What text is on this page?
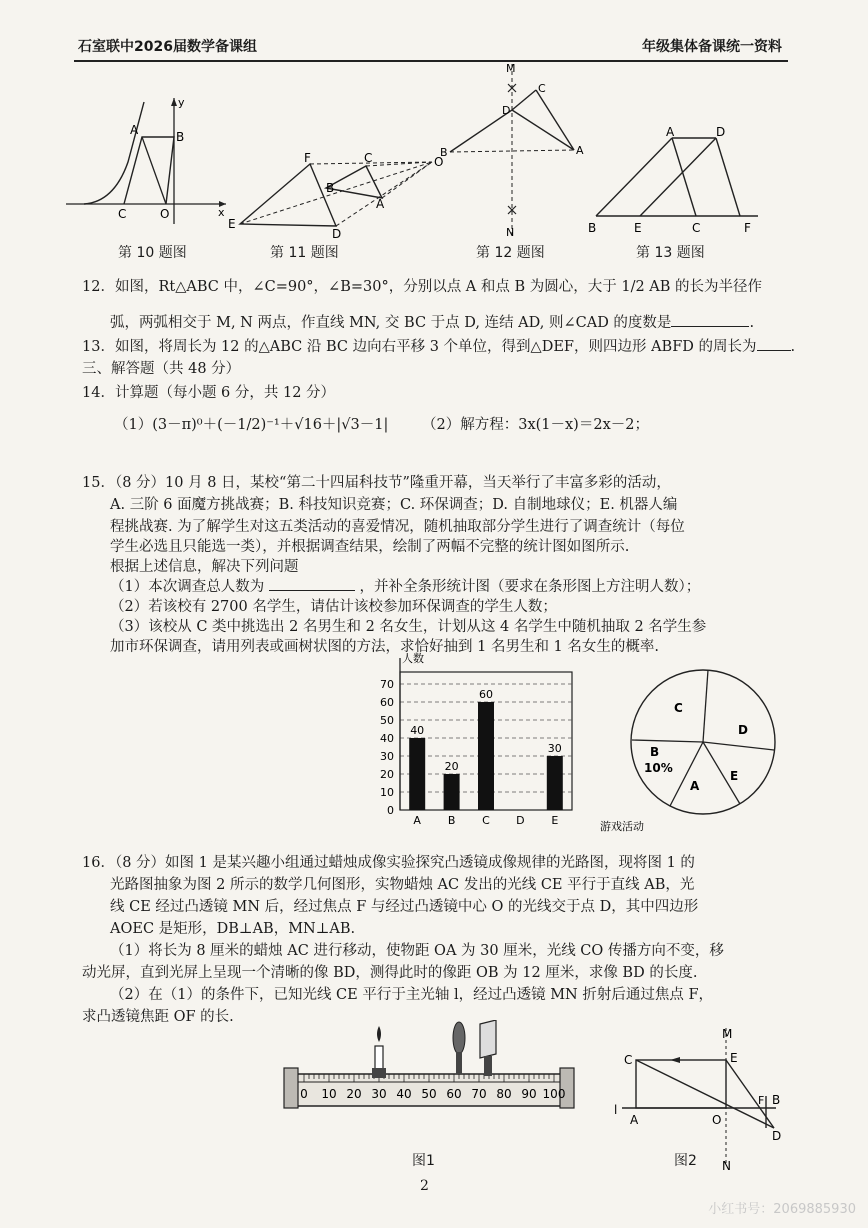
石室联中2026届数学备课组	年级集体备课统一资料
A	B
C	O
y
x
第 10 题图
F	C
B
A
E
D
O
第 11 题图
M
N
D
C
B	A
第 12 题图
A	D
B	E	C	F
第 13 题图
12．如图，Rt△ABC 中，∠C=90°，∠B=30°，分别以点 A 和点 B 为圆心，大于 1/2 AB 的长为半径作
弧，两弧相交于 M, N 两点，作直线 MN, 交 BC 于点 D, 连结 AD, 则∠CAD 的度数是	.
13．如图，将周长为 12 的△ABC 沿 BC 边向右平移 3 个单位，得到△DEF，则四边形 ABFD 的周长为 .
三、解答题（共 48 分）
14．计算题（每小题 6 分，共 12 分）
（1）(3－π)⁰＋(－1/2)⁻¹＋√16＋|√3－1|	（2）解方程：3x(1－x)＝2x－2；
15．（8 分）10 月 8 日，某校“第二十四届科技节”隆重开幕，当天举行了丰富多彩的活动，
A. 三阶 6 面魔方挑战赛；B. 科技知识竞赛；C. 环保调查；D. 自制地球仪；E. 机器人编
程挑战赛. 为了解学生对这五类活动的喜爱情况，随机抽取部分学生进行了调查统计（每位
学生必选且只能选一类），并根据调查结果，绘制了两幅不完整的统计图如图所示.
根据上述信息，解决下列问题
（1）本次调查总人数为	，并补全条形统计图（要求在条形图上方注明人数）；
（2）若该校有 2700 名学生，请估计该校参加环保调查的学生人数；
（3）该校从 C 类中挑选出 2 名男生和 2 名女生，计划从这 4 名学生中随机抽取 2 名学生参
加市环保调查，请用列表或画树状图的方法，求恰好抽到 1 名男生和 1 名女生的概率.
0
10
20
30
40
50
60
70
人数
40
A
20
B
60
C D
30
E	游戏活动
C
D
E
A
B
10%
16．（8 分）如图 1 是某兴趣小组通过蜡烛成像实验探究凸透镜成像规律的光路图，现将图 1 的
光路图抽象为图 2 所示的数学几何图形，实物蜡烛 AC 发出的光线 CE 平行于直线 AB，光
线 CE 经过凸透镜 MN 后，经过焦点 F 与经过凸透镜中心 O 的光线交于点 D，其中四边形
AOEC 是矩形，DB⊥AB，MN⊥AB.
（1）将长为 8 厘米的蜡烛 AC 进行移动，使物距 OA 为 30 厘米，光线 CO 传播方向不变，移
动光屏，直到光屏上呈现一个清晰的像 BD，测得此时的像距 OB 为 12 厘米，求像 BD 的长度.
（2）在（1）的条件下，已知光线 CE 平行于主光轴 l，经过凸透镜 MN 折射后通过焦点 F，
求凸透镜焦距 OF 的长.
0 10 20 30 40 50 60 70 80 90 100
图1
M
C	E
l
A	O
F B
D
N
图2
2
小红书号：2069885930
